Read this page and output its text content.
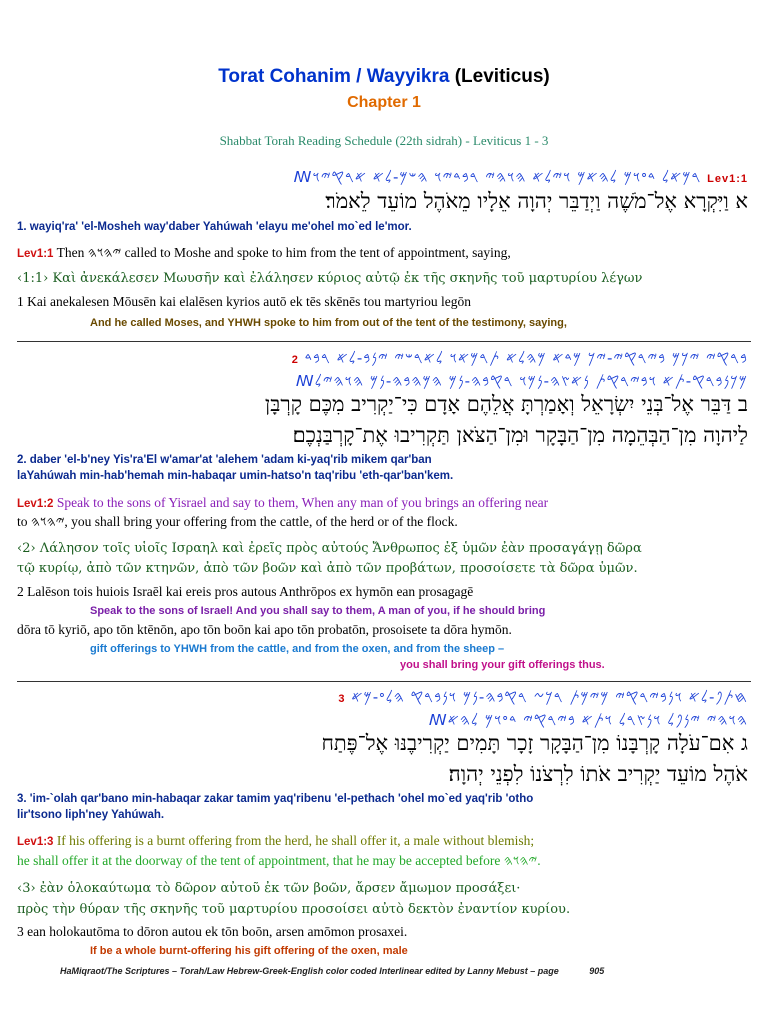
Torat Cohanim / Wayyikra (Leviticus)
Chapter 1
Shabbat Torah Reading Schedule (22th sidrah) - Leviticus 1 - 3
ꟿ𐤓𐤌𐤀𐤋 𐤃𐤏𐤅𐤌 𐤋𐤄𐤀𐤌 𐤅𐤉𐤋𐤀 𐤄𐤅𐤄𐤉 𐤓𐤁𐤃𐤉𐤅 𐤄𐤔𐤌-𐤋𐤀 𐤀𐤓𐤒𐤉𐤅 Lev1:1
א וַיִּקְרָא אֶל־מֹשֶׁה וַיְדַבֵּר יְהוָה אֵלָיו מֵאֹהֶל מוֹעֵד לֵאמֹר׃
1. wayiq'ra' 'el-Mosheh way'daber Yahúwah 'elayu me'ohel mo`ed le'mor.
Lev1:1 Then 𐤉𐤄𐤅𐤄 called to Moshe and spoke to him from the tent of appointment, saying,
‹1:1› Καὶ ἀνεκάλεσεν Μωυσῆν καὶ ἐλάλησεν κύριος αὐτῷ ἐκ τῆς σκηνῆς τοῦ μαρτυρίου λέγων
1 Kai anekalesen Mōusēn kai elalēsen kyrios autō ek tēs skēnēs tou martyriou legōn
And he called Moses, and YHWH spoke to him from out of the tent of the testimony, saying,
𐤁𐤓𐤒𐤉 𐤉𐤊𐤌 𐤁𐤉𐤓𐤒𐤉-𐤉𐤊 𐤌𐤃𐤀 𐤌𐤄𐤋𐤀 𐤕𐤓𐤌𐤀𐤅 𐤋𐤀𐤓𐤔𐤉 𐤉𐤍𐤁-𐤋𐤀 𐤓𐤁𐤃 2
ꟿ𐤌𐤊𐤍𐤁𐤓𐤒-𐤕𐤀 𐤅𐤁𐤉𐤓𐤒𐤕 𐤍𐤀𐤑𐤄-𐤍𐤌𐤅 𐤓𐤒𐤁𐤄-𐤍𐤌 𐤄𐤌𐤄𐤁𐤄-𐤍𐤌 𐤄𐤅𐤄𐤉𐤋
ב דַּבֵּר אֶל־בְּנֵי יִשְׂרָאֵל וְאָמַרְתָּ אֲלֵהֶם אָדָם כִּי־יַקְרִיב מִכֶּם קָרְבָּן
לַיהוָה מִן־הַבְּהֵמָה מִן־הַבָּקָר וּמִן־הַצֹּאן תַּקְרִיבוּ אֶת־קָרְבַּנְכֶם׃
2. daber 'el-b'ney Yis'ra'El w'amar'at 'alehem 'adam ki-yaq'rib mikem qar'ban
laYahúwah min-hab'hemah min-habaqar umin-hatso'n taq'ribu 'eth-qar'ban'kem.
Lev1:2 Speak to the sons of Yisrael and say to them, When any man of you brings an offering near
to 𐤉𐤄𐤅𐤄, you shall bring your offering from the cattle, of the herd or of the flock.
‹2› Λάλησον τοῖς υἱοῖς Ισραηλ καὶ ἐρεῖς πρὸς αὐτούς Ἄνθρωπος ἐξ ὑμῶν ἐὰν προσαγάγῃ δῶρα
τῷ κυρίῳ, ἀπὸ τῶν κτηνῶν, ἀπὸ τῶν βοῶν καὶ ἀπὸ τῶν προβάτων, προσοίσετε τὰ δῶρα ὑμῶν.
2 Lalēson tois huiois Israēl kai ereis pros autous Anthrōpos ex hymōn ean prosagagē
Speak to the sons of Israel! And you shall say to them, A man of you, if he should bring
dōra tō kyriō, apo tōn ktēnōn, apo tōn boōn kai apo tōn probatōn, prosoisete ta dōra hymōn.
gift offerings to YHWH from the cattle, and from the oxen, and from the sheep –
you shall bring your gift offerings thus.
𐤇𐤕𐤐-𐤋𐤀 𐤅𐤍𐤁𐤉𐤓𐤒𐤉 𐤌𐤉𐤌𐤕 𐤓𐤊𐤆 𐤓𐤒𐤁𐤄-𐤍𐤌 𐤅𐤍𐤁𐤓𐤒 𐤄𐤋𐤏-𐤌𐤀 3
ꟿ𐤄𐤅𐤄𐤉 𐤉𐤍𐤐𐤋 𐤅𐤍𐤑𐤓𐤋 𐤅𐤕𐤀 𐤁𐤉𐤓𐤒𐤉 𐤃𐤏𐤅𐤌 𐤋𐤄𐤀
ג אִם־עֹלָה קָרְבָּנוֹ מִן־הַבָּקָר זָכָר תָּמִים יַקְרִיבֶנּוּ אֶל־פֶּתַח
אֹהֶל מוֹעֵד יַקְרִיב אֹתוֹ לִרְצֹנוֹ לִפְנֵי יְהוָה׃
3. 'im-`olah qar'bano min-habaqar zakar tamim yaq'ribenu 'el-pethach 'ohel mo`ed yaq'rib 'otho
lir'tsono liph'ney Yahúwah.
Lev1:3 If his offering is a burnt offering from the herd, he shall offer it, a male without blemish;
he shall offer it at the doorway of the tent of appointment, that he may be accepted before 𐤉𐤄𐤅𐤄.
‹3› ἐὰν ὁλοκαύτωμα τὸ δῶρον αὐτοῦ ἐκ τῶν βοῶν, ἄρσεν ἄμωμον προσάξει·
πρὸς τὴν θύραν τῆς σκηνῆς τοῦ μαρτυρίου προσοίσει αὐτὸ δεκτὸν ἐναντίον κυρίου.
3 ean holokautōma to dōron autou ek tōn boōn, arsen amōmon prosaxei.
If be a whole burnt-offering his gift offering of the oxen, male
HaMiqraot/The Scriptures – Torah/Law Hebrew-Greek-English color coded Interlinear edited by Lanny Mebust – page	905
